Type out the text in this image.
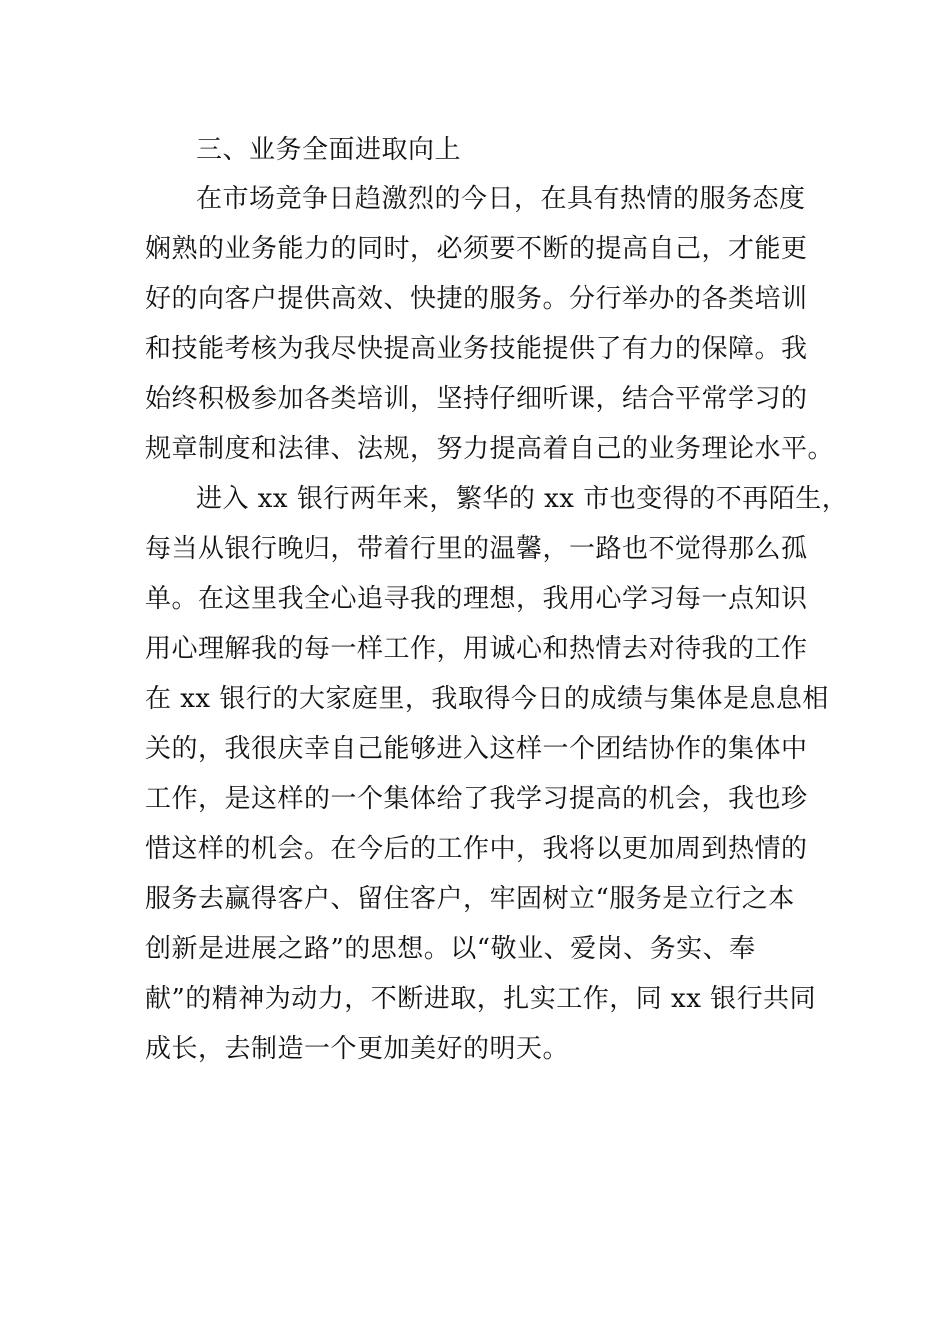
三、业务全面进取向上
在市场竞争日趋激烈的今日，在具有热情的服务态度
娴熟的业务能力的同时，必须要不断的提高自己，才能更
好的向客户提供高效、快捷的服务。分行举办的各类培训
和技能考核为我尽快提高业务技能提供了有力的保障。我
始终积极参加各类培训，坚持仔细听课，结合平常学习的
规章制度和法律、法规，努力提高着自己的业务理论水平。
进入 xx 银行两年来，繁华的 xx 市也变得的不再陌生，
每当从银行晚归，带着行里的温馨，一路也不觉得那么孤
单。在这里我全心追寻我的理想，我用心学习每一点知识
用心理解我的每一样工作，用诚心和热情去对待我的工作
在 xx 银行的大家庭里，我取得今日的成绩与集体是息息相
关的，我很庆幸自己能够进入这样一个团结协作的集体中
工作，是这样的一个集体给了我学习提高的机会，我也珍
惜这样的机会。在今后的工作中，我将以更加周到热情的
服务去赢得客户、留住客户，牢固树立“服务是立行之本
创新是进展之路”的思想。以“敬业、爱岗、务实、奉
献”的精神为动力，不断进取，扎实工作，同 xx 银行共同
成长，去制造一个更加美好的明天。
